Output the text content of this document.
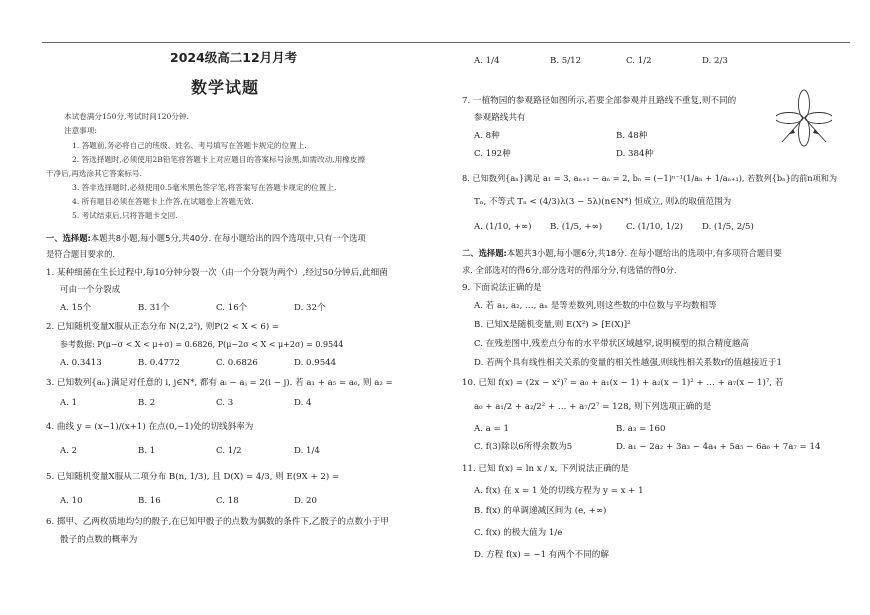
2024级高二12月月考
数学试题
本试卷满分150分,考试时间120分钟.
注意事项:
1. 答题前,务必将自己的班级、姓名、考号填写在答题卡规定的位置上.
2. 答选择题时,必须使用2B铅笔将答题卡上对应题目的答案标号涂黑,如需改动,用橡皮擦
干净后,再选涂其它答案标号.
3. 答非选择题时,必须使用0.5毫米黑色签字笔,将答案写在答题卡规定的位置上.
4. 所有题目必须在答题卡上作答,在试题卷上答题无效.
5. 考试结束后,只将答题卡交回.
一、选择题:本题共8小题,每小题5分,共40分. 在每小题给出的四个选项中,只有一个选项
是符合题目要求的.
1. 某种细菌在生长过程中,每10分钟分裂一次（由一个分裂为两个）,经过50分钟后,此细菌
可由一个分裂成
A. 15个	B. 31个	C. 16个	D. 32个
2. 已知随机变量X服从正态分布 N(2,2²), 则P(2 < X < 6) =
参考数据: P(μ−σ < X < μ+σ) = 0.6826, P(μ−2σ < X < μ+2σ) = 0.9544
A. 0.3413	B. 0.4772	C. 0.6826	D. 0.9544
3. 已知数列{aₙ}满足对任意的 i, j∈N*, 都有 aᵢ − aⱼ = 2(i − j). 若 a₁ + a₅ = a₆, 则 a₂ =
A. 1	B. 2	C. 3	D. 4
4. 曲线 y = (x−1)/(x+1) 在点(0,−1)处的切线斜率为
A. 2	B. 1	C. 1/2	D. 1/4
5. 已知随机变量X服从二项分布 B(n, 1/3), 且 D(X) = 4/3, 则 E(9X + 2) =
A. 10	B. 16	C. 18	D. 20
6. 掷甲、乙两枚质地均匀的骰子,在已知甲骰子的点数为偶数的条件下,乙骰子的点数小于甲
骰子的点数的概率为
A. 1/4	B. 5/12	C. 1/2	D. 2/3
7. 一植物园的参观路径如图所示,若要全部参观并且路线不重复,则不同的
参观路线共有
A. 8种	B. 48种
C. 192种	D. 384种
8. 已知数列{aₙ}满足 a₁ = 3, aₙ₊₁ − aₙ = 2, bₙ = (−1)ⁿ⁻¹(1/aₙ + 1/aₙ₊₁), 若数列{bₙ}的前n项和为
Tₙ, 不等式 Tₙ < (4/3)λ(3 − 5λ)(n∈N*) 恒成立, 则λ的取值范围为
A. (1/10, +∞) B. (1/5, +∞)	C. (1/10, 1/2) D. (1/5, 2/5)
二、选择题:本题共3小题,每小题6分,共18分. 在每小题给出的选项中,有多项符合题目要
求. 全部选对的得6分,部分选对的得部分分,有选错的得0分.
9. 下面说法正确的是
A. 若 a₁, a₂, …, aₙ 是等差数列,则这些数的中位数与平均数相等
B. 已知X是随机变量,则 E(X²) > [E(X)]²
C. 在残差图中,残差点分布的水平带状区域越窄,说明模型的拟合精度越高
D. 若两个具有线性相关关系的变量的相关性越强,则线性相关系数r的值越接近于1
10. 已知 f(x) = (2x − x²)⁷ = a₀ + a₁(x − 1) + a₂(x − 1)² + … + a₇(x − 1)⁷, 若
a₀ + a₁/2 + a₂/2² + … + a₇/2⁷ = 128, 则下列选项正确的是
A. a = 1	B. a₃ = 160
C. f(3)除以6所得余数为5	D. a₁ − 2a₂ + 3a₃ − 4a₄ + 5a₅ − 6a₆ + 7a₇ = 14
11. 已知 f(x) = ln x / x, 下列说法正确的是
A. f(x) 在 x = 1 处的切线方程为 y = x + 1
B. f(x) 的单调递减区间为 (e, +∞)
C. f(x) 的极大值为 1/e
D. 方程 f(x) = −1 有两个不同的解
